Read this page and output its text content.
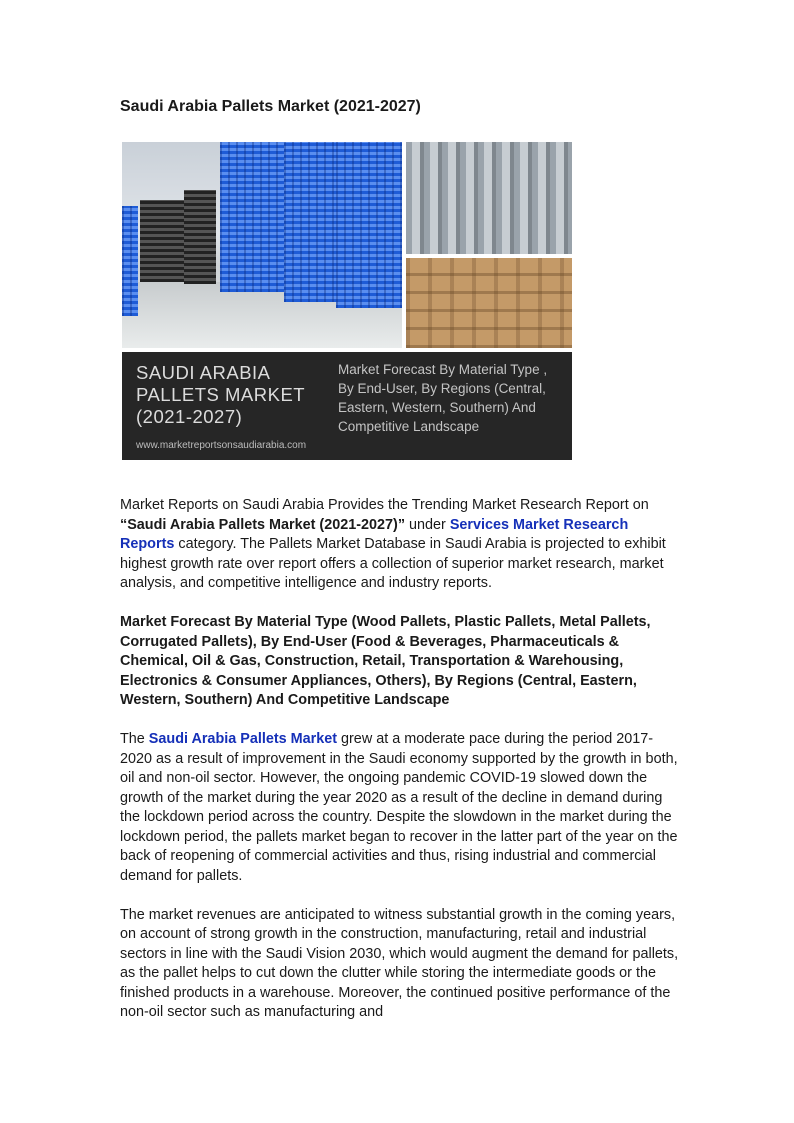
Saudi Arabia Pallets Market (2021-2027)
SAUDI ARABIA
PALLETS MARKET
(2021-2027)
Market Forecast By Material Type , By End-User, By Regions (Central, Eastern, Western, Southern) And Competitive Landscape
www.marketreportsonsaudiarabia.com

Market Reports on Saudi Arabia Provides the Trending Market Research Report on “Saudi Arabia Pallets Market (2021-2027)” under Services Market Research Reports category. The Pallets Market Database in Saudi Arabia is projected to exhibit highest growth rate over report offers a collection of superior market research, market analysis, and competitive intelligence and industry reports.

Market Forecast By Material Type (Wood Pallets, Plastic Pallets, Metal Pallets, Corrugated Pallets), By End-User (Food & Beverages, Pharmaceuticals & Chemical, Oil & Gas, Construction, Retail, Transportation & Warehousing, Electronics & Consumer Appliances, Others), By Regions (Central, Eastern, Western, Southern) And Competitive Landscape

The Saudi Arabia Pallets Market grew at a moderate pace during the period 2017-2020 as a result of improvement in the Saudi economy supported by the growth in both, oil and non-oil sector. However, the ongoing pandemic COVID-19 slowed down the growth of the market during the year 2020 as a result of the decline in demand during the lockdown period across the country. Despite the slowdown in the market during the lockdown period, the pallets market began to recover in the latter part of the year on the back of reopening of commercial activities and thus, rising industrial and commercial demand for pallets.

The market revenues are anticipated to witness substantial growth in the coming years, on account of strong growth in the construction, manufacturing, retail and industrial sectors in line with the Saudi Vision 2030, which would augment the demand for pallets, as the pallet helps to cut down the clutter while storing the intermediate goods or the finished products in a warehouse. Moreover, the continued positive performance of the non-oil sector such as manufacturing and
